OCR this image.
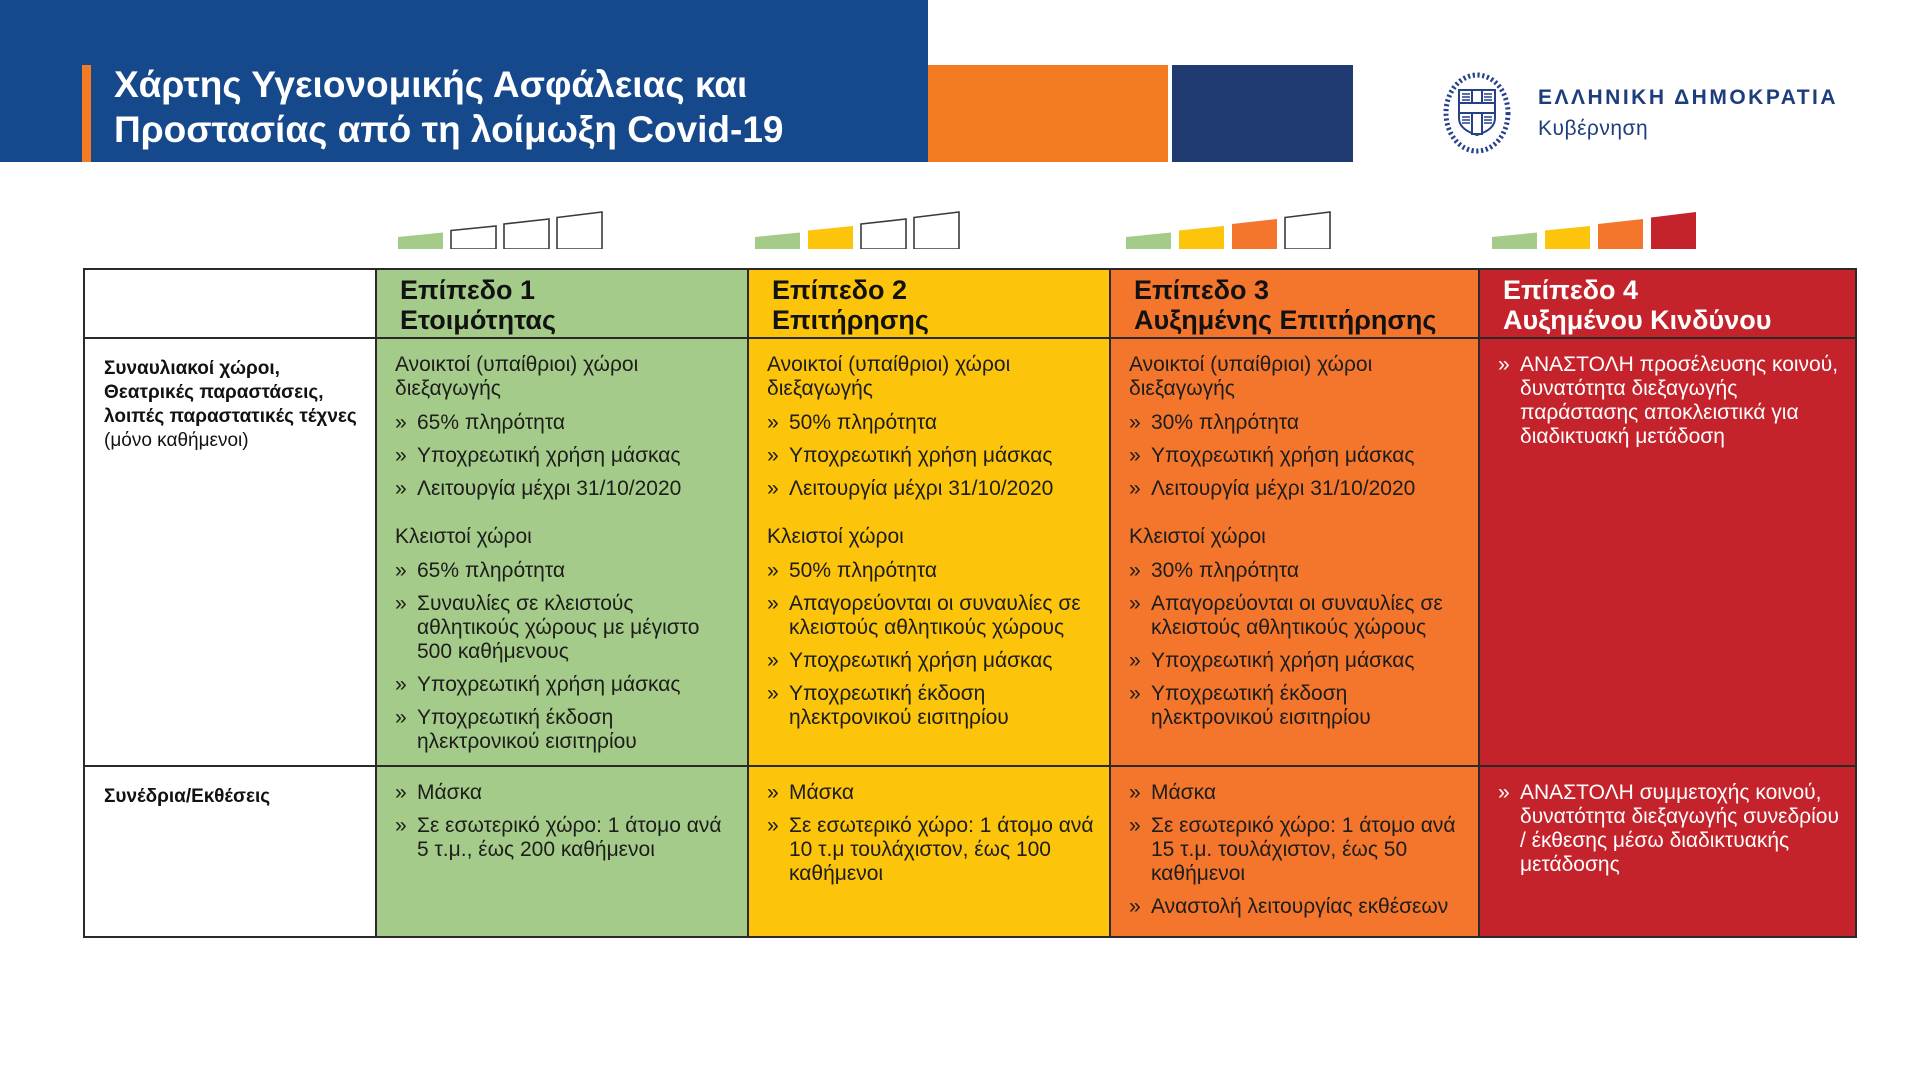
Χάρτης Υγειονομικής Ασφάλειας και
Προστασίας από τη λοίμωξη Covid-19
ΕΛΛΗΝΙΚΗ ΔΗΜΟΚΡΑΤΙΑ
Κυβέρνηση
Επίπεδο 1
Ετοιμότητας
Επίπεδο 2
Επιτήρησης
Επίπεδο 3
Αυξημένης Επιτήρησης
Επίπεδο 4
Αυξημένου Κινδύνου
Συναυλιακοί χώροι, Θεατρικές παραστάσεις, λοιπές παραστατικές τέχνες
(μόνο καθήμενοι)
Ανοικτοί (υπαίθριοι) χώροι διεξαγωγής
» 65% πληρότητα
» Υποχρεωτική χρήση μάσκας
» Λειτουργία μέχρι 31/10/2020
Κλειστοί χώροι
» 65% πληρότητα
» Συναυλίες σε κλειστούς αθλητικούς χώρους με μέγιστο 500 καθήμενους
» Υποχρεωτική χρήση μάσκας
» Υποχρεωτική έκδοση ηλεκτρονικού εισιτηρίου
Ανοικτοί (υπαίθριοι) χώροι διεξαγωγής
» 50% πληρότητα
» Υποχρεωτική χρήση μάσκας
» Λειτουργία μέχρι 31/10/2020
Κλειστοί χώροι
» 50% πληρότητα
» Απαγορεύονται οι συναυλίες σε κλειστούς αθλητικούς χώρους
» Υποχρεωτική χρήση μάσκας
» Υποχρεωτική έκδοση ηλεκτρονικού εισιτηρίου
Ανοικτοί (υπαίθριοι) χώροι διεξαγωγής
» 30% πληρότητα
» Υποχρεωτική χρήση μάσκας
» Λειτουργία μέχρι 31/10/2020
Κλειστοί χώροι
» 30% πληρότητα
» Απαγορεύονται οι συναυλίες σε κλειστούς αθλητικούς χώρους
» Υποχρεωτική χρήση μάσκας
» Υποχρεωτική έκδοση ηλεκτρονικού εισιτηρίου
» ΑΝΑΣΤΟΛΗ προσέλευσης κοινού, δυνατότητα διεξαγωγής παράστασης αποκλειστικά για διαδικτυακή μετάδοση
Συνέδρια/Εκθέσεις	» Μάσκα
» Σε εσωτερικό χώρο: 1 άτομο ανά 5 τ.μ., έως 200 καθήμενοι
» Μάσκα
» Σε εσωτερικό χώρο: 1 άτομο ανά 10 τ.μ τουλάχιστον, έως 100 καθήμενοι
» Μάσκα
» Σε εσωτερικό χώρο: 1 άτομο ανά 15 τ.μ. τουλάχιστον, έως 50 καθήμενοι
» Αναστολή λειτουργίας εκθέσεων
» ΑΝΑΣΤΟΛΗ συμμετοχής κοινού, δυνατότητα διεξαγωγής συνεδρίου / έκθεσης μέσω διαδικτυακής μετάδοσης
